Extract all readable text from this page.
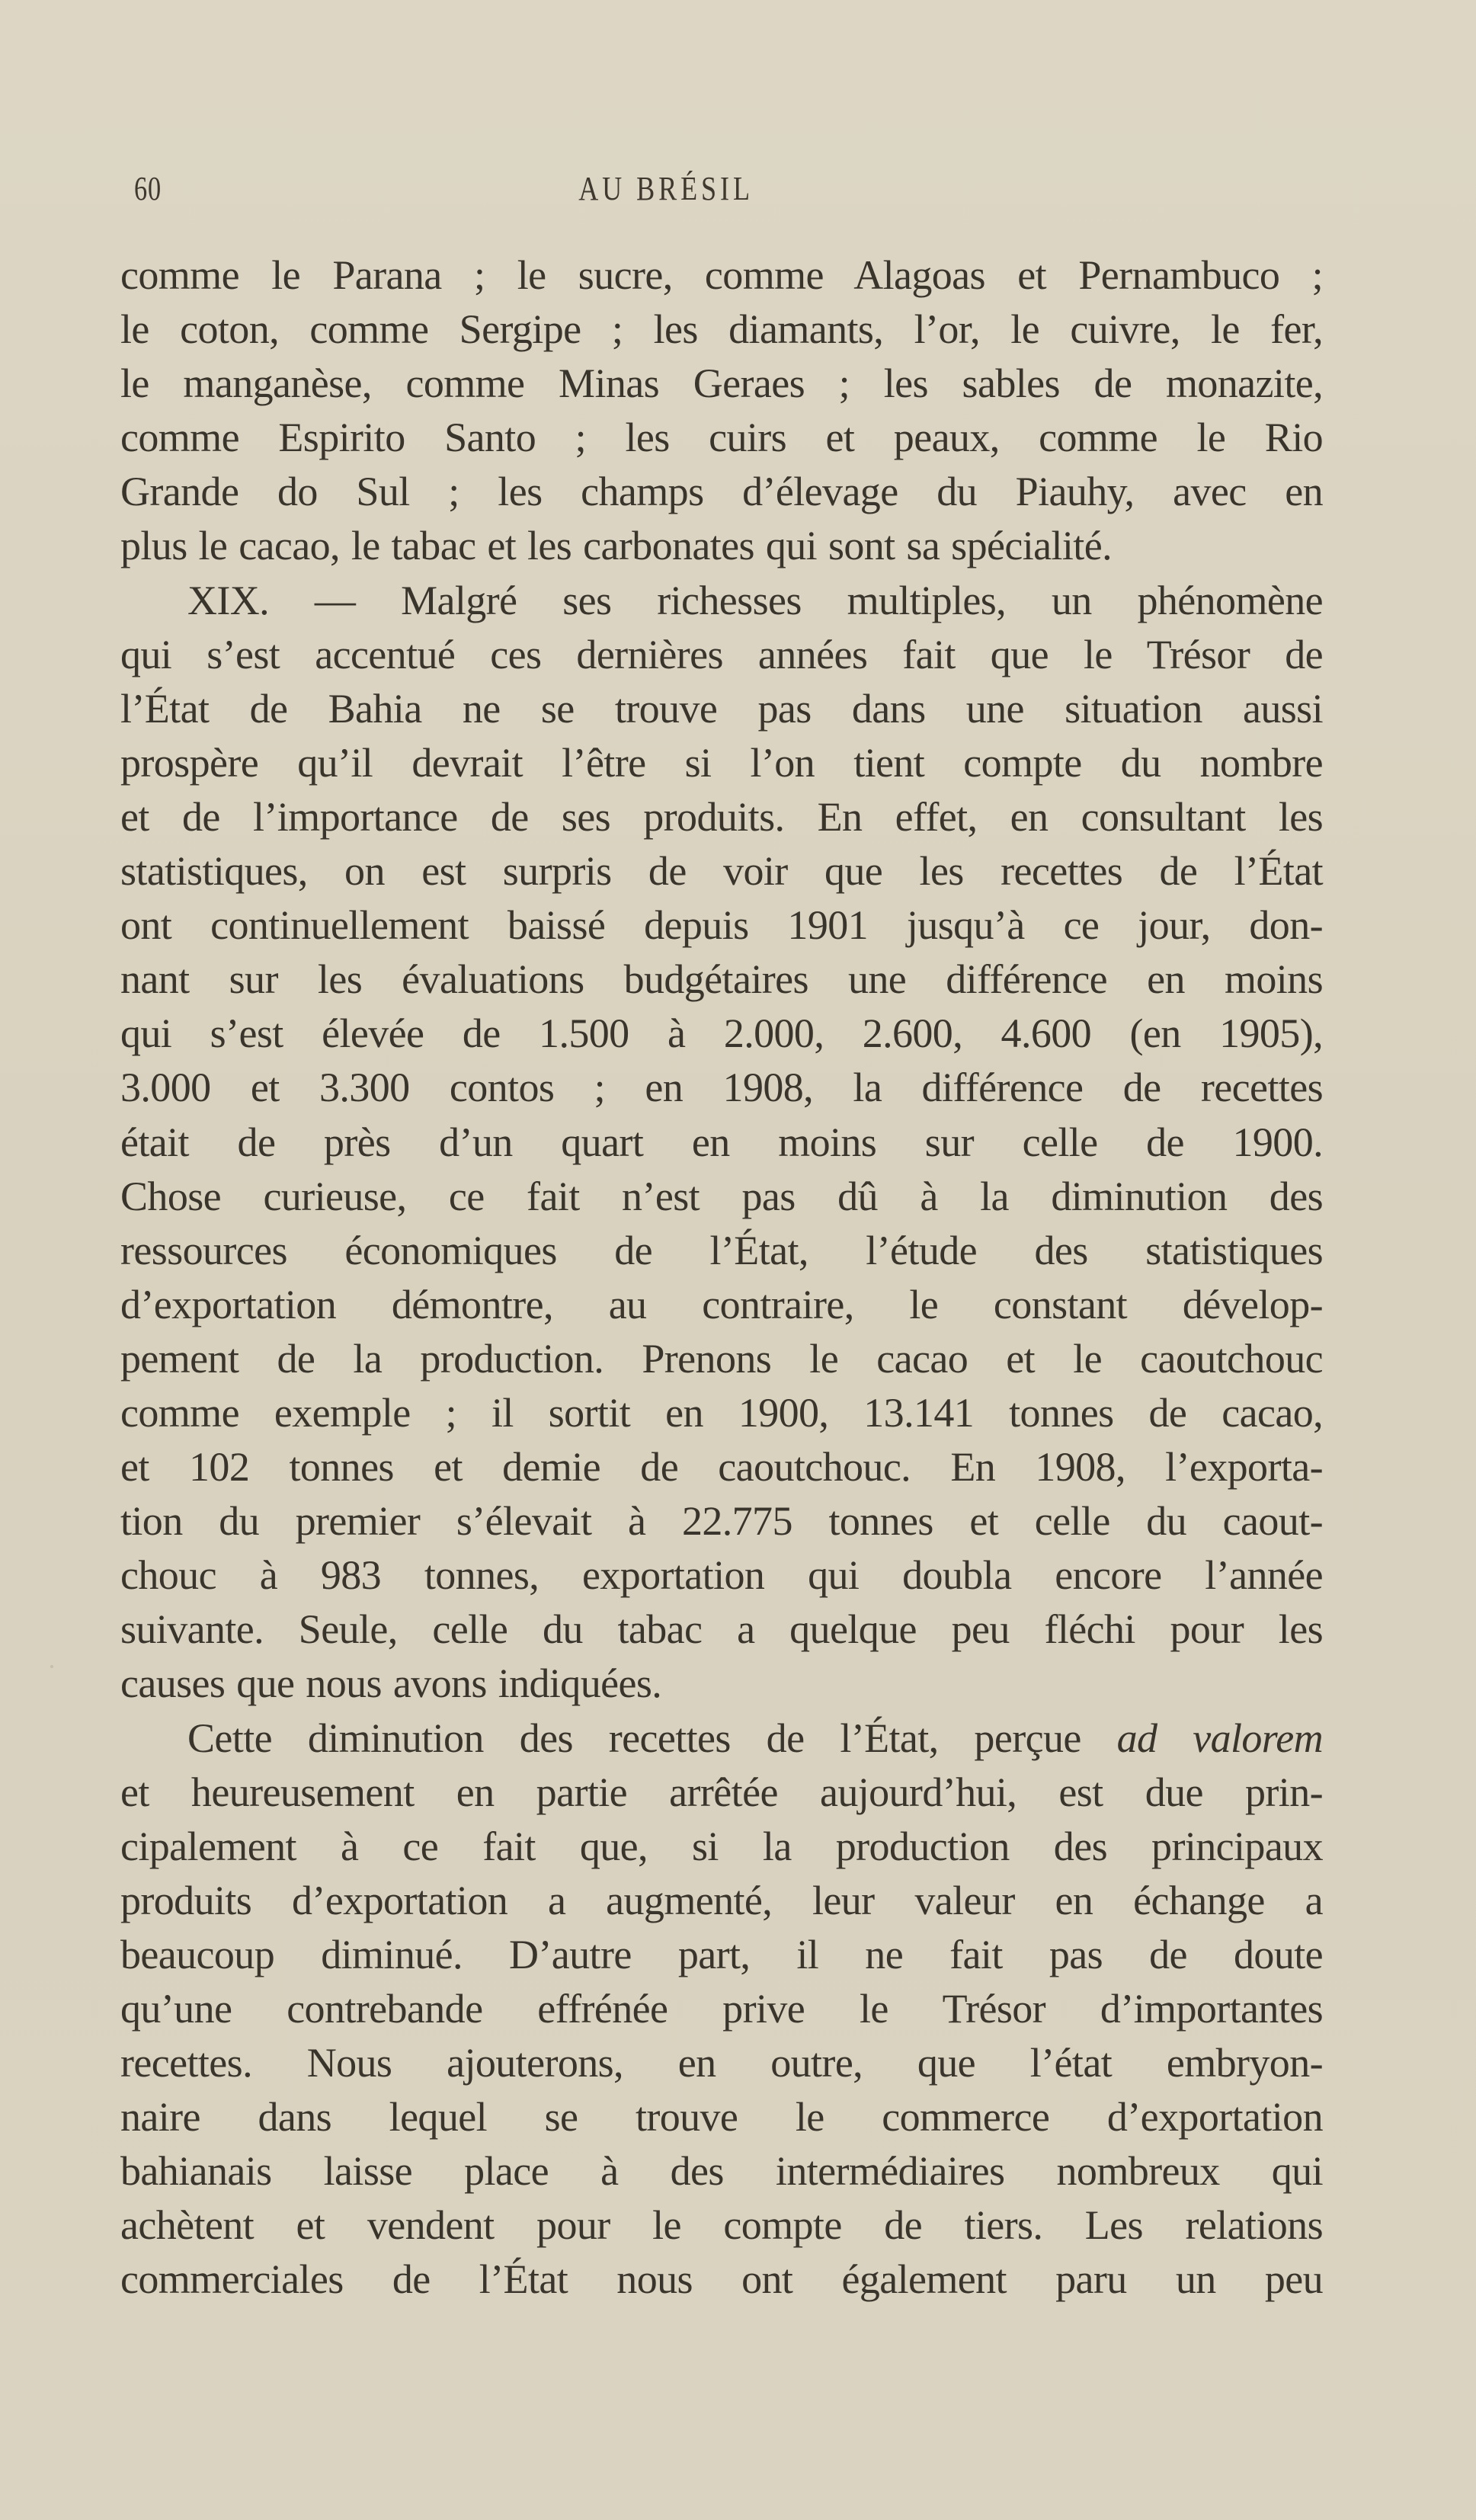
60	AU BRÉSIL
comme le Parana ; le sucre, comme Alagoas et Pernambuco ;
le coton, comme Sergipe ; les diamants, l’or, le cuivre, le fer,
le manganèse, comme Minas Geraes ; les sables de monazite,
comme Espirito Santo ; les cuirs et peaux, comme le Rio
Grande do Sul ; les champs d’élevage du Piauhy, avec en
plus le cacao, le tabac et les carbonates qui sont sa spécialité.
XIX. — Malgré ses richesses multiples, un phénomène
qui s’est accentué ces dernières années fait que le Trésor de
l’État de Bahia ne se trouve pas dans une situation aussi
prospère qu’il devrait l’être si l’on tient compte du nombre
et de l’importance de ses produits. En effet, en consultant les
statistiques, on est surpris de voir que les recettes de l’État
ont continuellement baissé depuis 1901 jusqu’à ce jour, don-
nant sur les évaluations budgétaires une différence en moins
qui s’est élevée de 1.500 à 2.000, 2.600, 4.600 (en 1905),
3.000 et 3.300 contos ; en 1908, la différence de recettes
était de près d’un quart en moins sur celle de 1900.
Chose curieuse, ce fait n’est pas dû à la diminution des
ressources économiques de l’État, l’étude des statistiques
d’exportation démontre, au contraire, le constant dévelop-
pement de la production. Prenons le cacao et le caoutchouc
comme exemple ; il sortit en 1900, 13.141 tonnes de cacao,
et 102 tonnes et demie de caoutchouc. En 1908, l’exporta-
tion du premier s’élevait à 22.775 tonnes et celle du caout-
chouc à 983 tonnes, exportation qui doubla encore l’année
suivante. Seule, celle du tabac a quelque peu fléchi pour les
causes que nous avons indiquées.
Cette diminution des recettes de l’État, perçue ad valorem
et heureusement en partie arrêtée aujourd’hui, est due prin-
cipalement à ce fait que, si la production des principaux
produits d’exportation a augmenté, leur valeur en échange a
beaucoup diminué. D’autre part, il ne fait pas de doute
qu’une contrebande effrénée prive le Trésor d’importantes
recettes. Nous ajouterons, en outre, que l’état embryon-
naire dans lequel se trouve le commerce d’exportation
bahianais laisse place à des intermédiaires nombreux qui
achètent et vendent pour le compte de tiers. Les relations
commerciales de l’État nous ont également paru un peu
